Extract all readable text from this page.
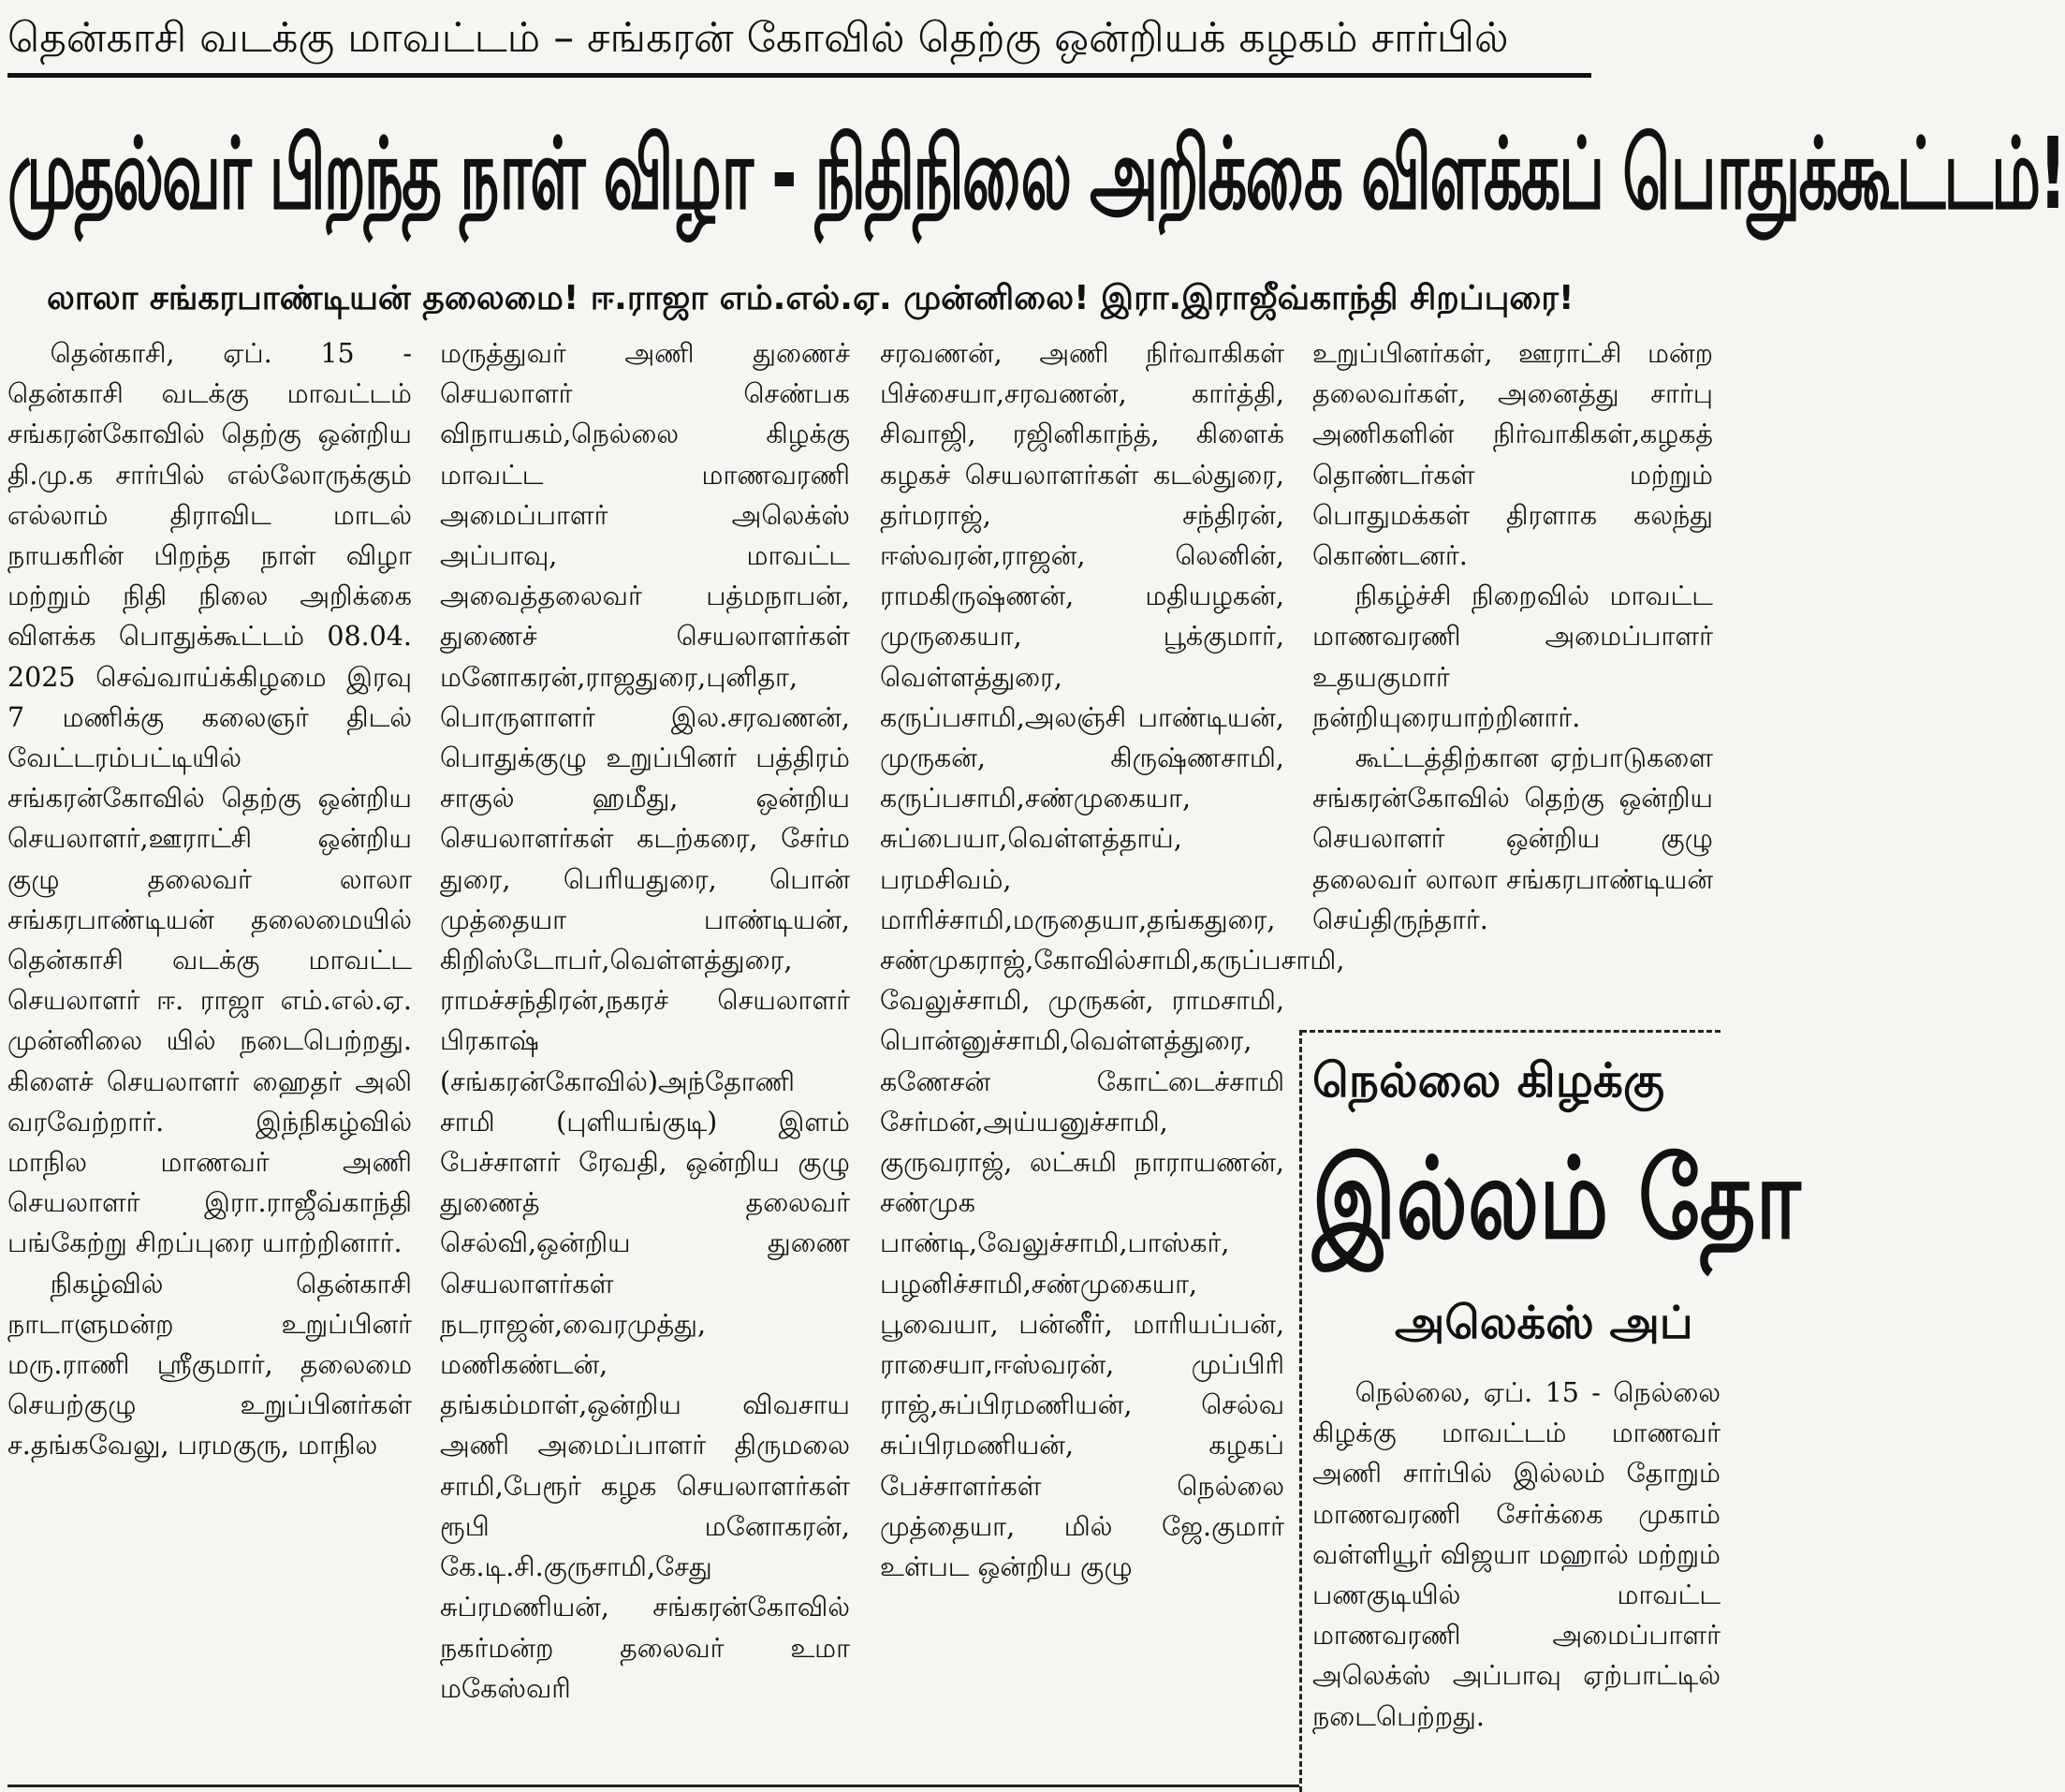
தென்காசி வடக்கு மாவட்டம் – சங்கரன் கோவில் தெற்கு ஒன்றியக் கழகம் சார்பில்
முதல்வர் பிறந்த நாள் விழா - நிதிநிலை அறிக்கை விளக்கப் பொதுக்கூட்டம்!
லாலா சங்கரபாண்டியன் தலைமை! ஈ.ராஜா எம்.எல்.ஏ. முன்னிலை! இரா.இராஜீவ்காந்தி சிறப்புரை!

தென்காசி, ஏப். 15 - தென்காசி வடக்கு மாவட்டம் சங்கரன்கோவில் தெற்கு ஒன்றிய தி.மு.க சார்பில் எல்லோருக்கும் எல்லாம் திராவிட மாடல் நாயகரின் பிறந்த நாள் விழா மற்றும் நிதி நிலை அறிக்கை விளக்க பொதுக்கூட்டம் 08.04. 2025 செவ்வாய்க்கிழமை இரவு 7 மணிக்கு கலைஞர் திடல் வேட்டரம்பட்டியில் சங்கரன்கோவில் தெற்கு ஒன்றிய செயலாளர்,ஊராட்சி ஒன்றிய குழு தலைவர் லாலா சங்கரபாண்டியன் தலைமையில் தென்காசி வடக்கு மாவட்ட செயலாளர் ஈ. ராஜா எம்.எல்.ஏ. முன்னிலை யில் நடைபெற்றது. கிளைச் செயலாளர் ஹைதர் அலி வரவேற்றார். இந்நிகழ்வில் மாநில மாணவர் அணி செயலாளர் இரா.ராஜீவ்காந்தி பங்கேற்று சிறப்புரை யாற்றினார்.

நிகழ்வில் தென்காசி நாடாளுமன்ற உறுப்பினர் மரு.ராணி ஸ்ரீகுமார், தலைமை செயற்குழு உறுப்பினர்கள் ச.தங்கவேலு, பரமகுரு, மாநில

மருத்துவர் அணி துணைச் செயலாளர் செண்பக விநாயகம்,நெல்லை கிழக்கு மாவட்ட மாணவரணி அமைப்பாளர் அலெக்ஸ் அப்பாவு, மாவட்ட அவைத்தலைவர் பத்மநாபன், துணைச் செயலாளர்கள் மனோகரன்,ராஜதுரை,புனிதா, பொருளாளர் இல.சரவணன், பொதுக்குழு உறுப்பினர் பத்திரம் சாகுல் ஹமீது, ஒன்றிய செயலாளர்கள் கடற்கரை, சேர்ம துரை, பெரியதுரை, பொன் முத்தையா பாண்டியன், கிறிஸ்டோபர்,வெள்ளத்துரை, ராமச்சந்திரன்,நகரச் செயலாளர் பிரகாஷ் (சங்கரன்கோவில்)அந்தோணி சாமி (புளியங்குடி) இளம் பேச்சாளர் ரேவதி, ஒன்றிய குழு துணைத் தலைவர் செல்வி,ஒன்றிய துணை செயலாளர்கள் நடராஜன்,வைரமுத்து, மணிகண்டன், தங்கம்மாள்,ஒன்றிய விவசாய அணி அமைப்பாளர் திருமலை சாமி,பேரூர் கழக செயலாளர்கள் ரூபி மனோகரன், கே.டி.சி.குருசாமி,சேது சுப்ரமணியன், சங்கரன்கோவில் நகர்மன்ற தலைவர் உமா மகேஸ்வரி

சரவணன், அணி நிர்வாகிகள் பிச்சையா,சரவணன், கார்த்தி, சிவாஜி, ரஜினிகாந்த், கிளைக் கழகச் செயலாளர்கள் கடல்துரை, தர்மராஜ், சந்திரன், ஈஸ்வரன்,ராஜன், லெனின், ராமகிருஷ்ணன், மதியழகன், முருகையா, பூக்குமார், வெள்ளத்துரை, கருப்பசாமி,அலஞ்சி பாண்டியன், முருகன், கிருஷ்ணசாமி, கருப்பசாமி,சண்முகையா, சுப்பையா,வெள்ளத்தாய், பரமசிவம், மாரிச்சாமி,மருதையா,தங்கதுரை, சண்முகராஜ்,கோவில்சாமி,கருப்பசாமி, வேலுச்சாமி, முருகன், ராமசாமி, பொன்னுச்சாமி,வெள்ளத்துரை, கணேசன் கோட்டைச்சாமி சேர்மன்,அய்யனுச்சாமி, குருவராஜ், லட்சுமி நாராயணன், சண்முக பாண்டி,வேலுச்சாமி,பாஸ்கர், பழனிச்சாமி,சண்முகையா, பூவையா, பன்னீர், மாரியப்பன், ராசையா,ஈஸ்வரன், முப்பிரி ராஜ்,சுப்பிரமணியன், செல்வ சுப்பிரமணியன், கழகப் பேச்சாளர்கள் நெல்லை முத்தையா, மில் ஜே.குமார் உள்பட ஒன்றிய குழு

உறுப்பினர்கள், ஊராட்சி மன்ற தலைவர்கள், அனைத்து சார்பு அணிகளின் நிர்வாகிகள்,கழகத் தொண்டர்கள் மற்றும் பொதுமக்கள் திரளாக கலந்து கொண்டனர்.

நிகழ்ச்சி நிறைவில் மாவட்ட மாணவரணி அமைப்பாளர் உதயகுமார் நன்றியுரையாற்றினார்.

கூட்டத்திற்கான ஏற்பாடுகளை சங்கரன்கோவில் தெற்கு ஒன்றிய செயலாளர் ஒன்றிய குழு தலைவர் லாலா சங்கரபாண்டியன் செய்திருந்தார்.

நெல்லை கிழக்கு
இல்லம் தோ
அலெக்ஸ் அப்

நெல்லை, ஏப். 15 - நெல்லை கிழக்கு மாவட்டம் மாணவர் அணி சார்பில் இல்லம் தோறும் மாணவரணி சேர்க்கை முகாம் வள்ளியூர் விஜயா மஹால் மற்றும் பணகுடியில் மாவட்ட மாணவரணி அமைப்பாளர் அலெக்ஸ் அப்பாவு ஏற்பாட்டில் நடைபெற்றது.
